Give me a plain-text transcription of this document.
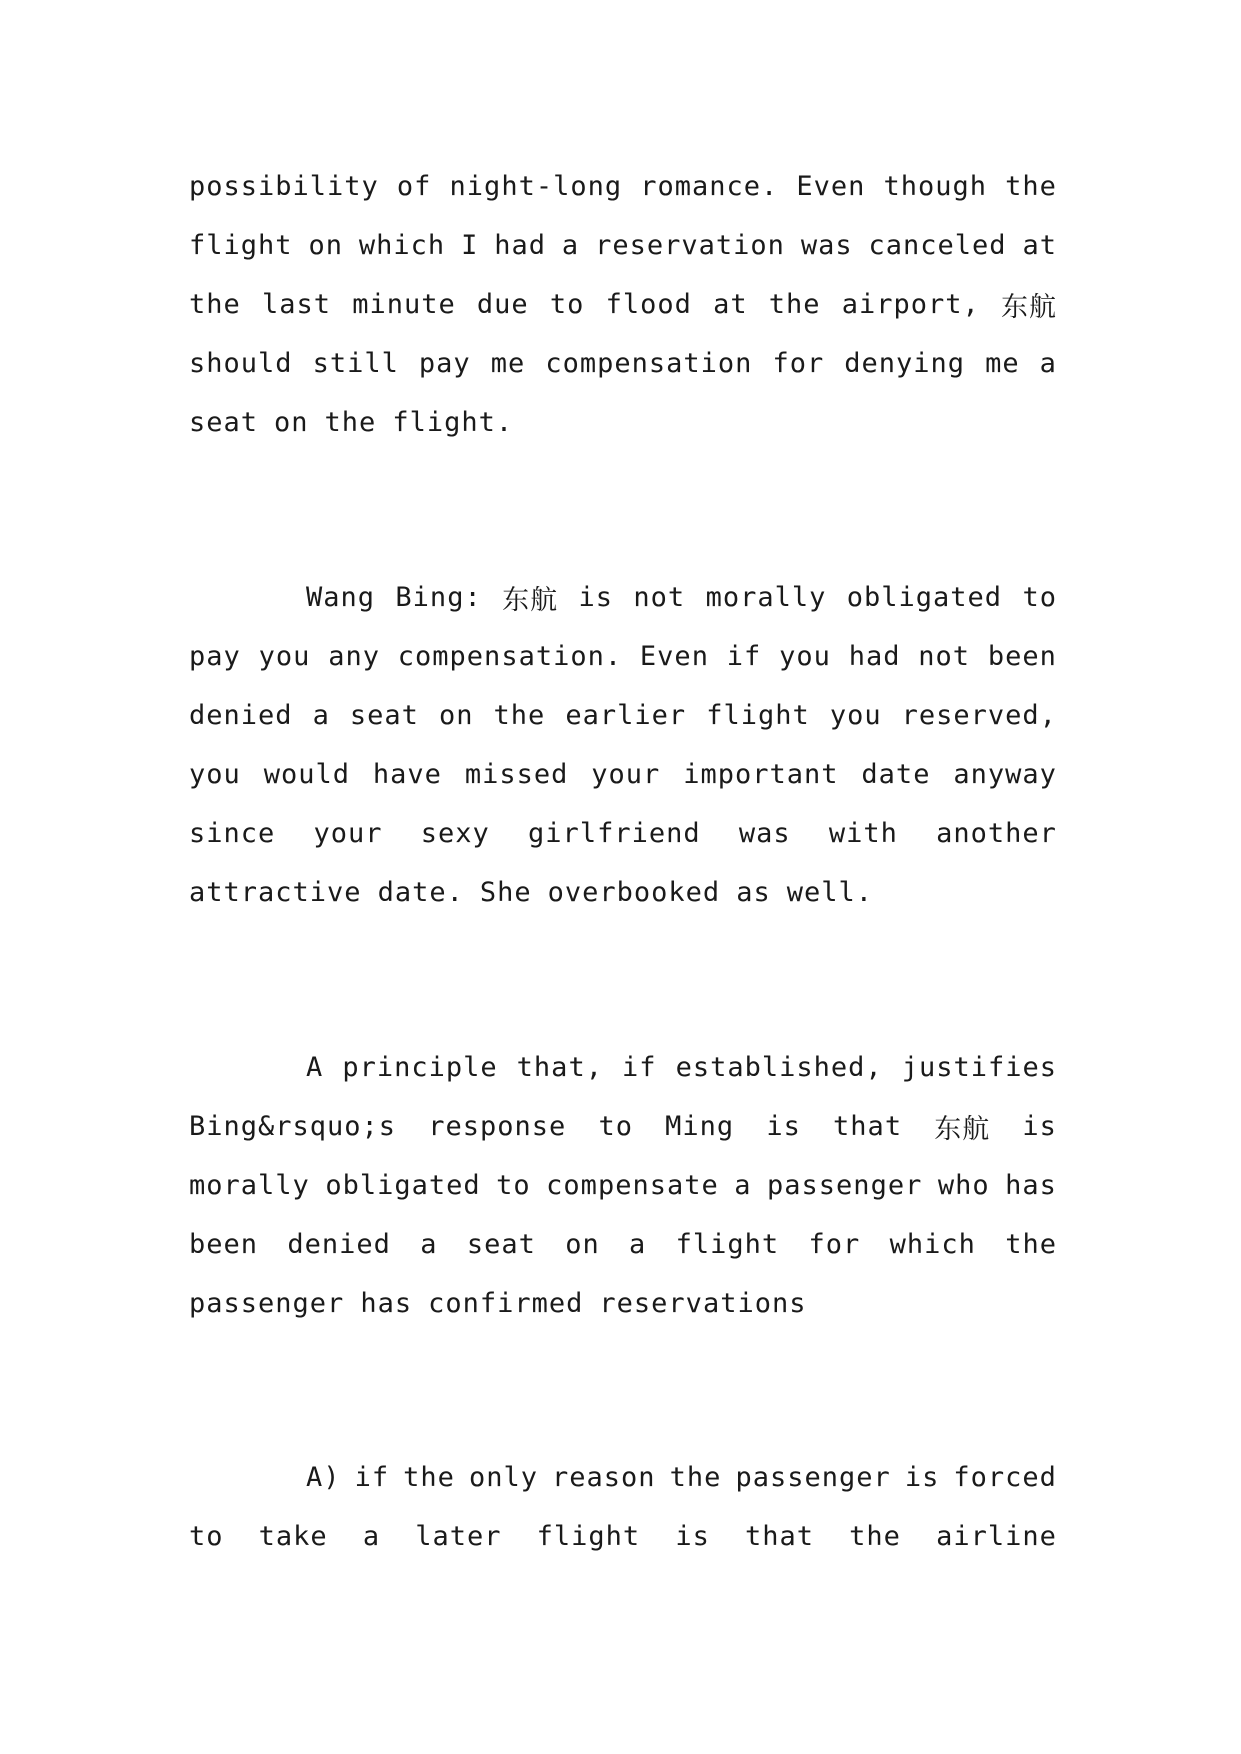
possibility of night-long romance. Even though the
flight on which I had a reservation was canceled at
the last minute due to flood at the airport, 东航
should still pay me compensation for denying me a
seat on the flight.
Wang Bing: 东航 is not morally obligated to
pay you any compensation. Even if you had not been
denied a seat on the earlier flight you reserved,
you would have missed your important date anyway
since your sexy girlfriend was with another
attractive date. She overbooked as well.
A principle that, if established, justifies
Bing&rsquo;s response to Ming is that 东航 is
morally obligated to compensate a passenger who has
been denied a seat on a flight for which the
passenger has confirmed reservations
A) if the only reason the passenger is forced
to take a later flight is that the airline
